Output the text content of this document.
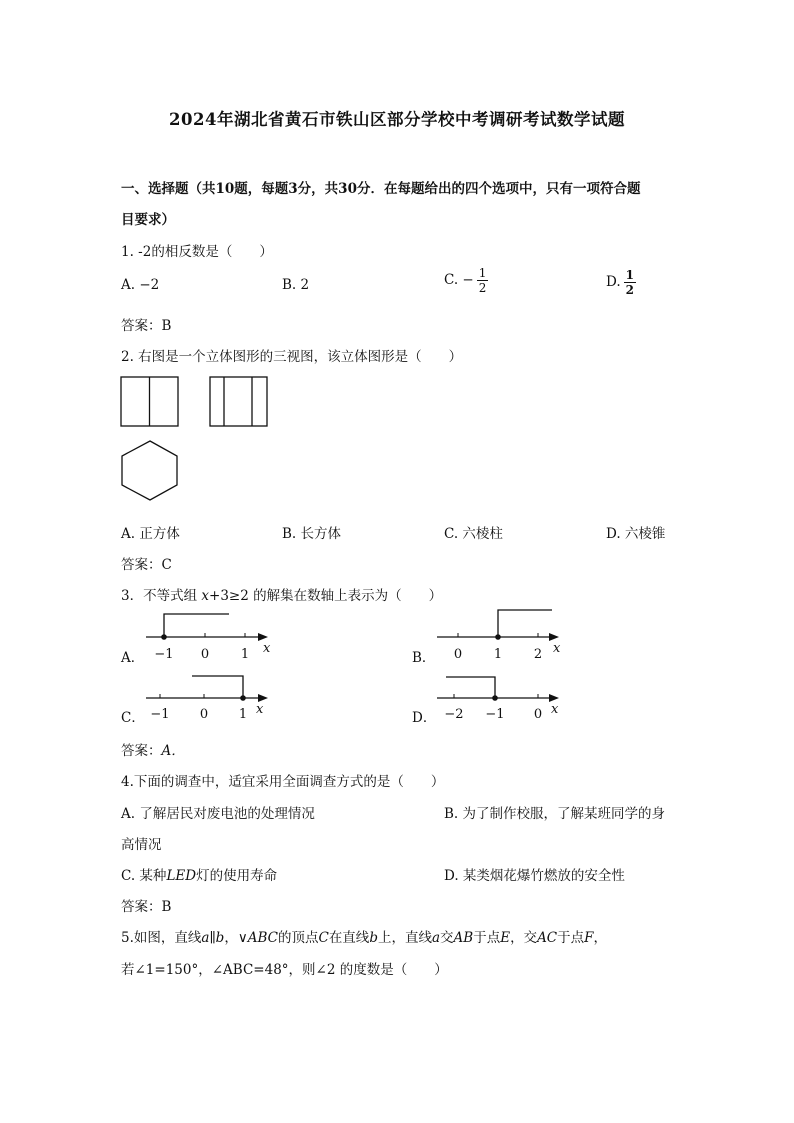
2024年湖北省黄石市铁山区部分学校中考调研考试数学试题
一、选择题（共10题，每题3分，共30分．在每题给出的四个选项中，只有一项符合题
目要求）
1. -2的相反数是（　　）
A. −2	B. 2	C. − $\frac{1}{2}$	D. $\frac{1}{2}$
答案：B
2. 右图是一个立体图形的三视图，该立体图形是（　　）
A. 正方体	B. 长方体	C. 六棱柱	D. 六棱锥
答案：C
3．不等式组 x+3≥2 的解集在数轴上表示为（　　）
A．	B．
C．	D．
−1 0 1 x	0 1 2 x
−1 0 1 x	−2 −1 0 x
答案：A．
4.下面的调查中，适宜采用全面调查方式的是（　　）
A. 了解居民对废电池的处理情况	B. 为了制作校服，了解某班同学的身
高情况
C. 某种LED灯的使用寿命	D. 某类烟花爆竹燃放的安全性
答案：B
5.如图，直线a∥b，∨ABC的顶点C在直线b上，直线a交AB于点E，交AC于点F，
若∠1=150°，∠ABC=48°，则∠2 的度数是（　　）
